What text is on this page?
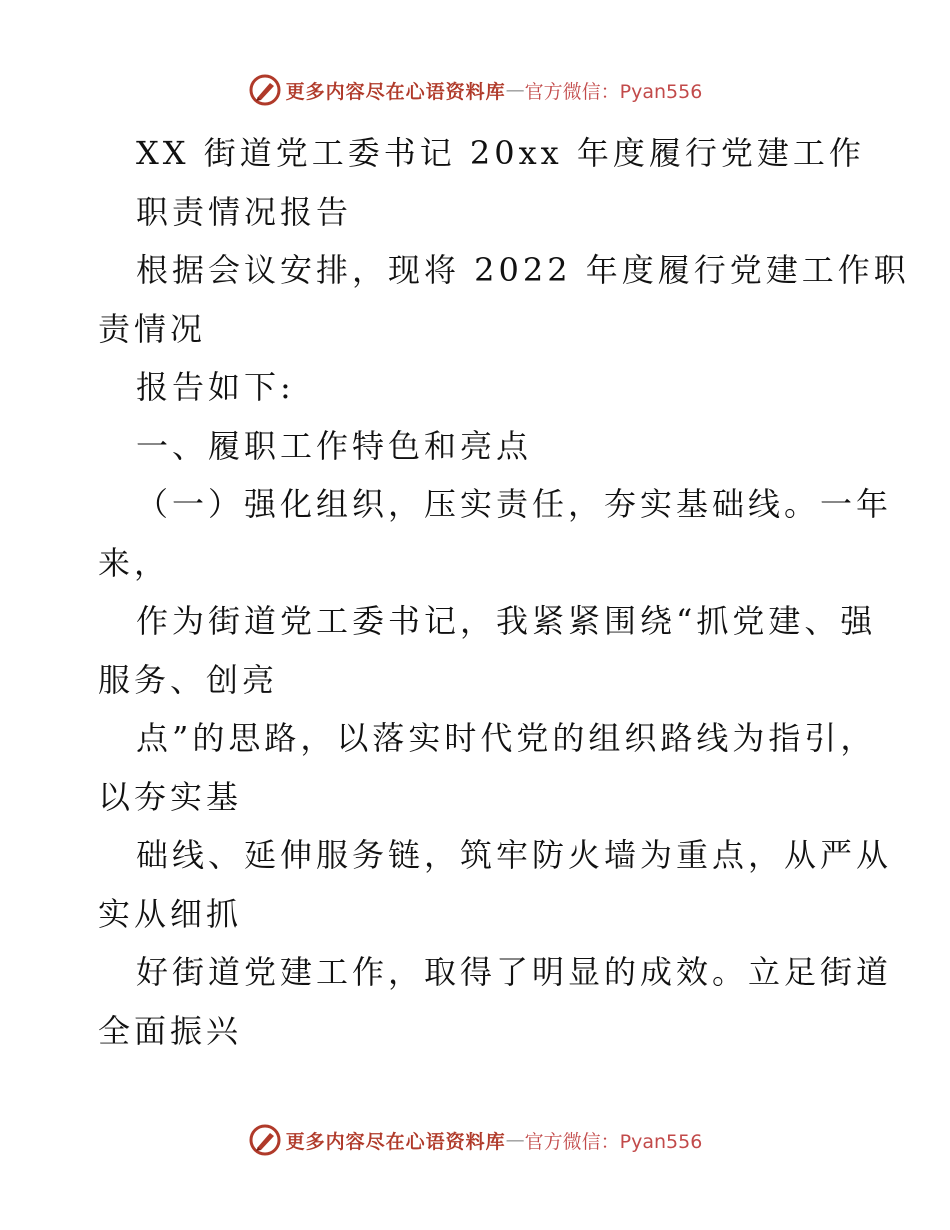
更多内容尽在心语资料库 — 官方微信：Pyan556
XX 街道党工委书记 20xx 年度履行党建工作
职责情况报告
根据会议安排，现将 2022 年度履行党建工作职
责情况
报告如下:
一、履职工作特色和亮点
（一）强化组织，压实责任，夯实基础线。一年
来，
作为街道党工委书记，我紧紧围绕“抓党建、强
服务、创亮
点”的思路，以落实时代党的组织路线为指引，
以夯实基
础线、延伸服务链，筑牢防火墙为重点，从严从
实从细抓
好街道党建工作，取得了明显的成效。立足街道
全面振兴
更多内容尽在心语资料库 — 官方微信：Pyan556
